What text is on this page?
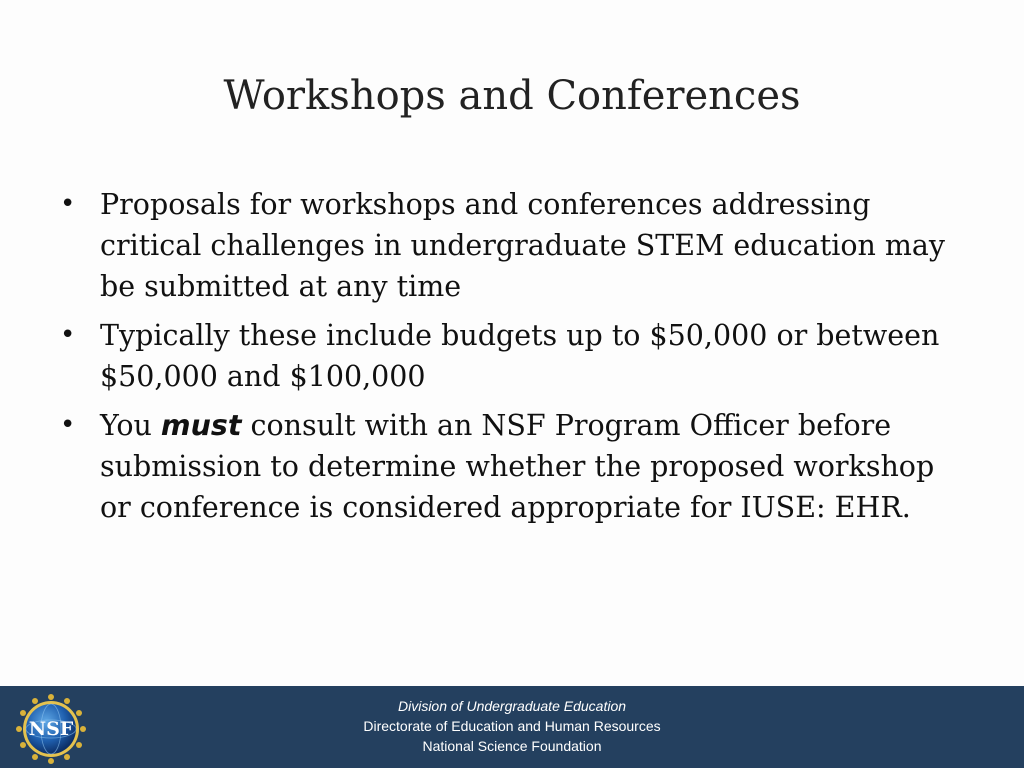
Workshops and Conferences
• Proposals for workshops and conferences addressing critical challenges in undergraduate STEM education may be submitted at any time
• Typically these include budgets up to $50,000 or between $50,000 and $100,000
• You must consult with an NSF Program Officer before submission to determine whether the proposed workshop or conference is considered appropriate for IUSE: EHR.
NSF
Division of Undergraduate Education
Directorate of Education and Human Resources
National Science Foundation
